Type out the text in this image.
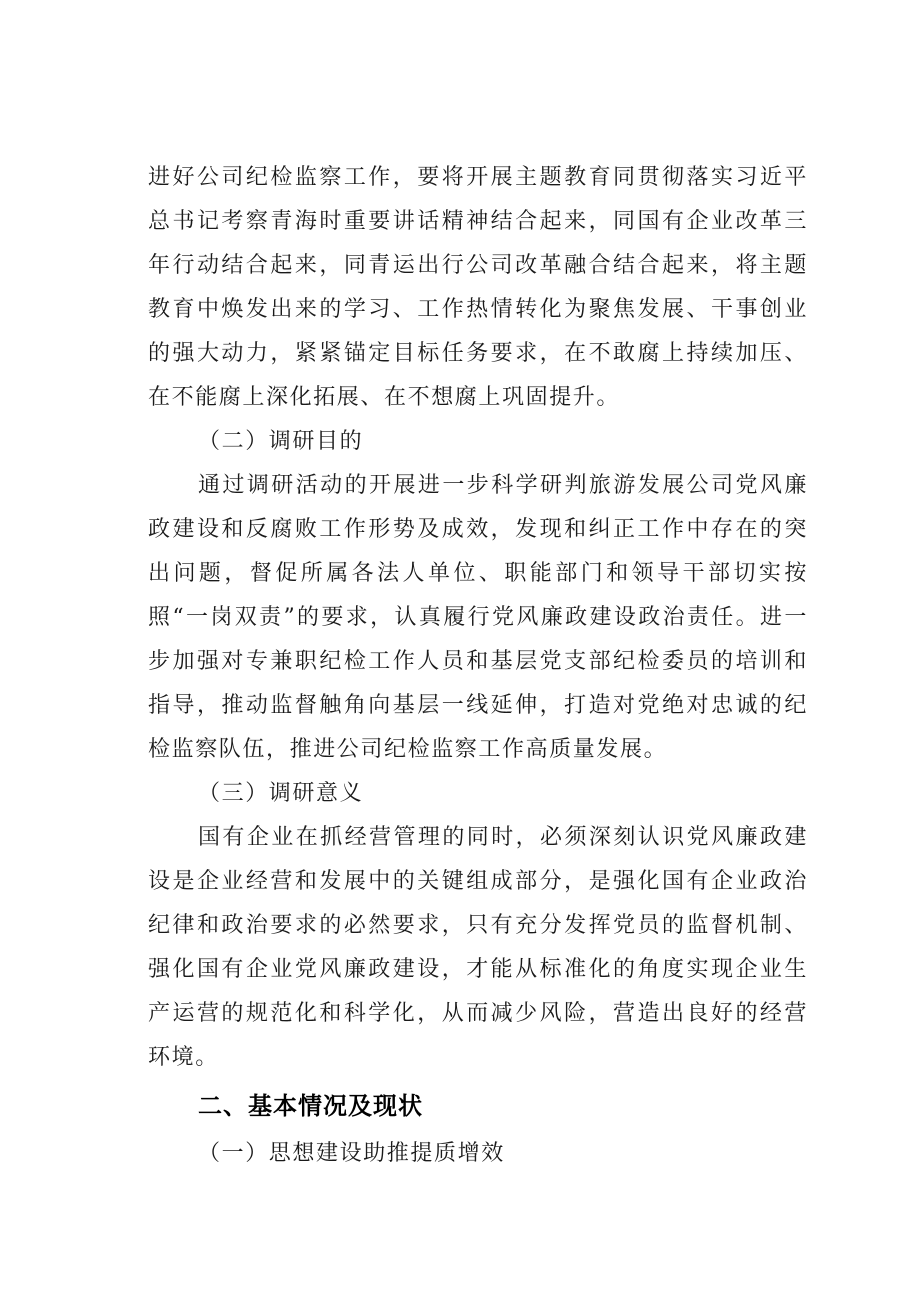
进好公司纪检监察工作，要将开展主题教育同贯彻落实习近平总书记考察青海时重要讲话精神结合起来，同国有企业改革三年行动结合起来，同青运出行公司改革融合结合起来，将主题教育中焕发出来的学习、工作热情转化为聚焦发展、干事创业的强大动力，紧紧锚定目标任务要求，在不敢腐上持续加压、在不能腐上深化拓展、在不想腐上巩固提升。

（二）调研目的

通过调研活动的开展进一步科学研判旅游发展公司党风廉政建设和反腐败工作形势及成效，发现和纠正工作中存在的突出问题，督促所属各法人单位、职能部门和领导干部切实按照“一岗双责”的要求，认真履行党风廉政建设政治责任。进一步加强对专兼职纪检工作人员和基层党支部纪检委员的培训和指导，推动监督触角向基层一线延伸，打造对党绝对忠诚的纪检监察队伍，推进公司纪检监察工作高质量发展。

（三）调研意义

国有企业在抓经营管理的同时，必须深刻认识党风廉政建设是企业经营和发展中的关键组成部分，是强化国有企业政治纪律和政治要求的必然要求，只有充分发挥党员的监督机制、强化国有企业党风廉政建设，才能从标准化的角度实现企业生产运营的规范化和科学化，从而减少风险，营造出良好的经营环境。

二、基本情况及现状

（一）思想建设助推提质增效
